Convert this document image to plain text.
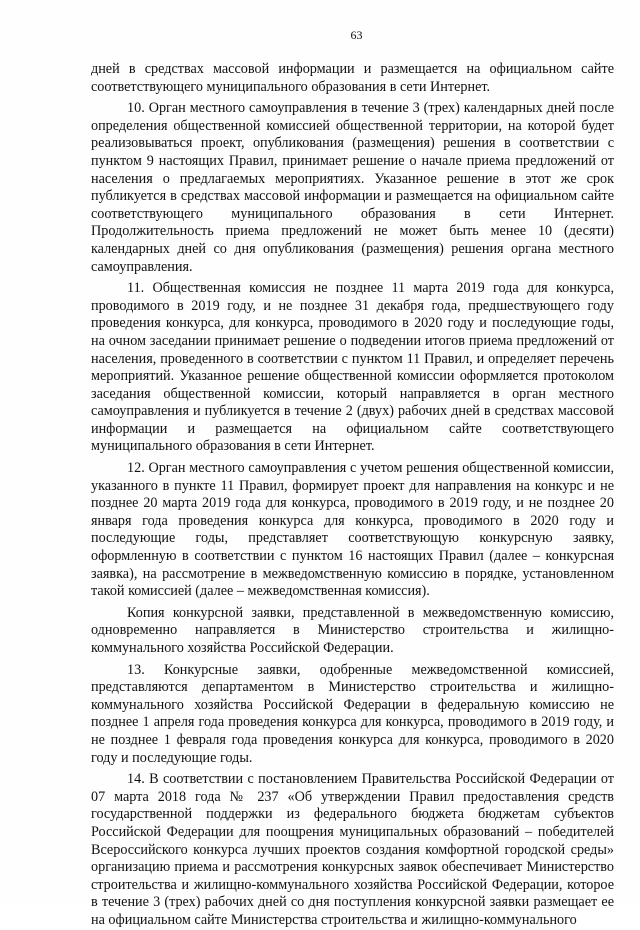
63

дней в средствах массовой информации и размещается на официальном сайте соответствующего муниципального образования в сети Интернет.

10. Орган местного самоуправления в течение 3 (трех) календарных дней после определения общественной комиссией общественной территории, на которой будет реализовываться проект, опубликования (размещения) решения в соответствии с пунктом 9 настоящих Правил, принимает решение о начале приема предложений от населения о предлагаемых мероприятиях. Указанное решение в этот же срок публикуется в средствах массовой информации и размещается на официальном сайте соответствующего муниципального образования в сети Интернет. Продолжительность приема предложений не может быть менее 10 (десяти) календарных дней со дня опубликования (размещения) решения органа местного самоуправления.

11. Общественная комиссия не позднее 11 марта 2019 года для конкурса, проводимого в 2019 году, и не позднее 31 декабря года, предшествующего году проведения конкурса, для конкурса, проводимого в 2020 году и последующие годы, на очном заседании принимает решение о подведении итогов приема предложений от населения, проведенного в соответствии с пунктом 11 Правил, и определяет перечень мероприятий. Указанное решение общественной комиссии оформляется протоколом заседания общественной комиссии, который направляется в орган местного самоуправления и публикуется в течение 2 (двух) рабочих дней в средствах массовой информации и размещается на официальном сайте соответствующего муниципального образования в сети Интернет.

12. Орган местного самоуправления с учетом решения общественной комиссии, указанного в пункте 11 Правил, формирует проект для направления на конкурс и не позднее 20 марта 2019 года для конкурса, проводимого в 2019 году, и не позднее 20 января года проведения конкурса для конкурса, проводимого в 2020 году и последующие годы, представляет соответствующую конкурсную заявку, оформленную в соответствии с пунктом 16 настоящих Правил (далее – конкурсная заявка), на рассмотрение в межведомственную комиссию в порядке, установленном такой комиссией (далее – межведомственная комиссия).

Копия конкурсной заявки, представленной в межведомственную комиссию, одновременно направляется в Министерство строительства и жилищно-коммунального хозяйства Российской Федерации.

13. Конкурсные заявки, одобренные межведомственной комиссией, представляются департаментом в Министерство строительства и жилищно-коммунального хозяйства Российской Федерации в федеральную комиссию не позднее 1 апреля года проведения конкурса для конкурса, проводимого в 2019 году, и не позднее 1 февраля года проведения конкурса для конкурса, проводимого в 2020 году и последующие годы.

14. В соответствии с постановлением Правительства Российской Федерации от 07 марта 2018 года № 237 «Об утверждении Правил предоставления средств государственной поддержки из федерального бюджета бюджетам субъектов Российской Федерации для поощрения муниципальных образований – победителей Всероссийского конкурса лучших проектов создания комфортной городской среды» организацию приема и рассмотрения конкурсных заявок обеспечивает Министерство строительства и жилищно-коммунального хозяйства Российской Федерации, которое в течение 3 (трех) рабочих дней со дня поступления конкурсной заявки размещает ее на официальном сайте Министерства строительства и жилищно-коммунального
